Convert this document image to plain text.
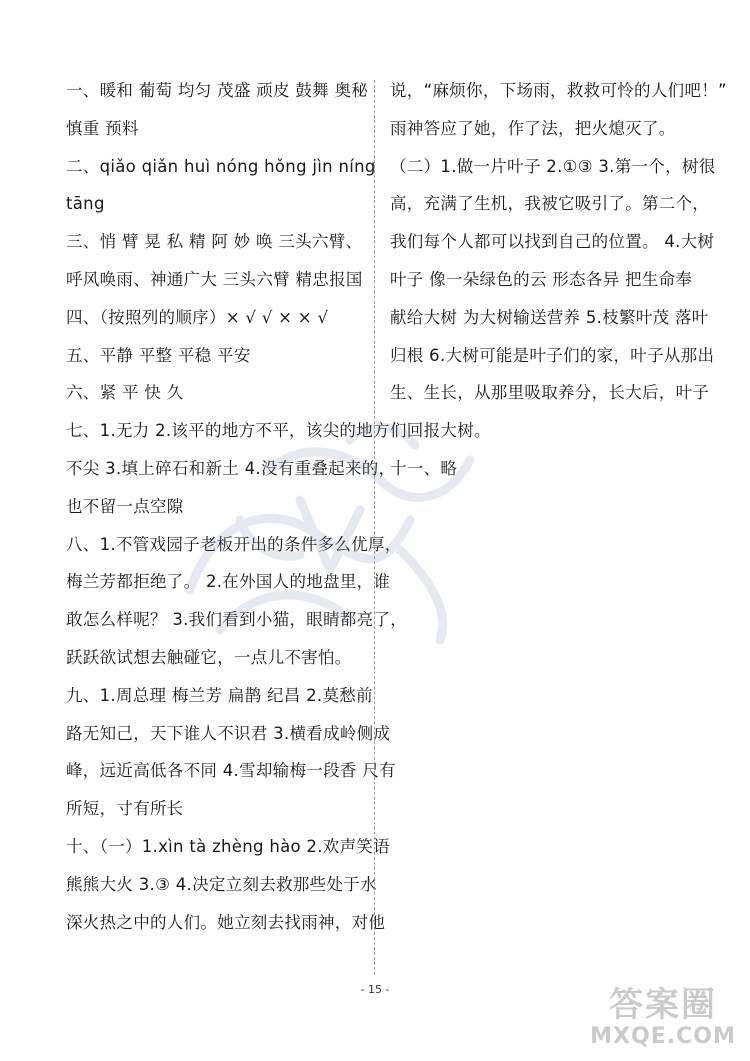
一、暖和 葡萄 均匀 茂盛 顽皮 鼓舞 奥秘
慎重 预料
二、qiǎo qiǎn huì nóng hǒng jìn níng
tāng
三、悄 臂 晃 私 精 阿 妙 唤 三头六臂、
呼风唤雨、神通广大 三头六臂 精忠报国
四、（按照列的顺序）× √ √ × × √
五、平静 平整 平稳 平安
六、紧 平 快 久
七、1.无力 2.该平的地方不平，该尖的地方
不尖 3.填上碎石和新土 4.没有重叠起来的，
也不留一点空隙
八、1.不管戏园子老板开出的条件多么优厚，
梅兰芳都拒绝了。 2.在外国人的地盘里，谁
敢怎么样呢？ 3.我们看到小猫，眼睛都亮了，
跃跃欲试想去触碰它，一点儿不害怕。
九、1.周总理 梅兰芳 扁鹊 纪昌 2.莫愁前
路无知己，天下谁人不识君 3.横看成岭侧成
峰，远近高低各不同 4.雪却输梅一段香 尺有
所短，寸有所长
十、（一）1.xìn tà zhèng hào 2.欢声笑语
熊熊大火 3.③ 4.决定立刻去救那些处于水
深火热之中的人们。她立刻去找雨神，对他
说，“麻烦你，下场雨，救救可怜的人们吧！”
雨神答应了她，作了法，把火熄灭了。
（二）1.做一片叶子 2.①③ 3.第一个，树很
高，充满了生机，我被它吸引了。第二个，
我们每个人都可以找到自己的位置。 4.大树
叶子 像一朵绿色的云 形态各异 把生命奉
献给大树 为大树输送营养 5.枝繁叶茂 落叶
归根 6.大树可能是叶子们的家，叶子从那出
生、生长，从那里吸取养分，长大后，叶子
们回报大树。
十一、略
- 15 -	答案圈
MXQE.COM
